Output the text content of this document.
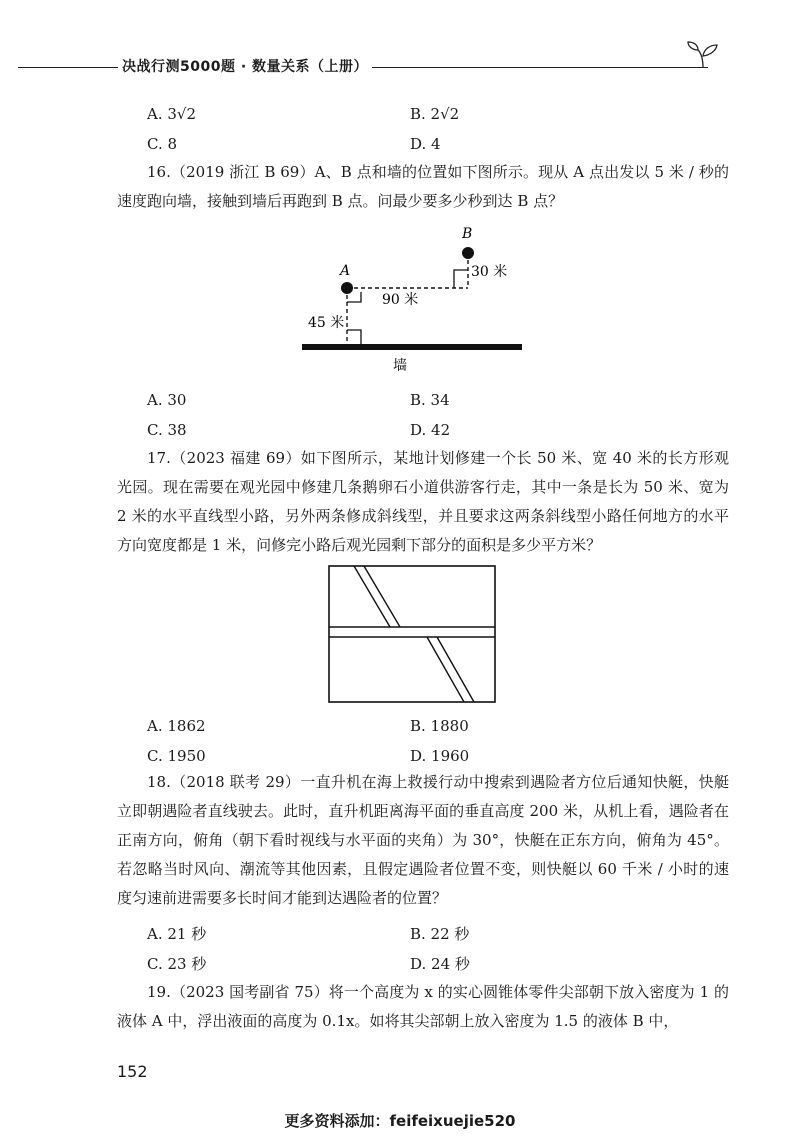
决战行测5000题 · 数量关系（上册）
A. 3√2	B. 2√2
C. 8	D. 4
16.（2019 浙江 B 69）A、B 点和墙的位置如下图所示。现从 A 点出发以 5 米 / 秒的速度跑向墙，接触到墙后再跑到 B 点。问最少要多少秒到达 B 点？
A
B
30 米
90 米
45 米
墙
A. 30	B. 34
C. 38	D. 42
17.（2023 福建 69）如下图所示，某地计划修建一个长 50 米、宽 40 米的长方形观光园。现在需要在观光园中修建几条鹅卵石小道供游客行走，其中一条是长为 50 米、宽为 2 米的水平直线型小路，另外两条修成斜线型，并且要求这两条斜线型小路任何地方的水平方向宽度都是 1 米，问修完小路后观光园剩下部分的面积是多少平方米？
A. 1862	B. 1880
C. 1950	D. 1960
18.（2018 联考 29）一直升机在海上救援行动中搜索到遇险者方位后通知快艇，快艇立即朝遇险者直线驶去。此时，直升机距离海平面的垂直高度 200 米，从机上看，遇险者在正南方向，俯角（朝下看时视线与水平面的夹角）为 30°，快艇在正东方向，俯角为 45°。若忽略当时风向、潮流等其他因素，且假定遇险者位置不变，则快艇以 60 千米 / 小时的速度匀速前进需要多长时间才能到达遇险者的位置？
A. 21 秒	B. 22 秒
C. 23 秒	D. 24 秒
19.（2023 国考副省 75）将一个高度为 x 的实心圆锥体零件尖部朝下放入密度为 1 的液体 A 中，浮出液面的高度为 0.1x。如将其尖部朝上放入密度为 1.5 的液体 B 中，
152
更多资料添加：feifeixuejie520
